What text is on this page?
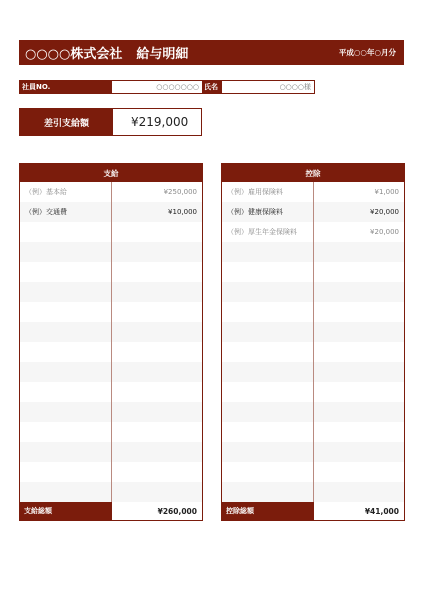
○○○○株式会社 給与明細	平成○○年○月分
社員NO.	○○○○○○○ 氏名	○○○○様
差引支給額	¥219,000
支給
（例）基本給	¥250,000
（例）交通費	¥10,000
支給総額	¥260,000
控除
（例）雇用保険料	¥1,000
（例）健康保険料	¥20,000
（例）厚生年金保険料	¥20,000
控除総額	¥41,000
